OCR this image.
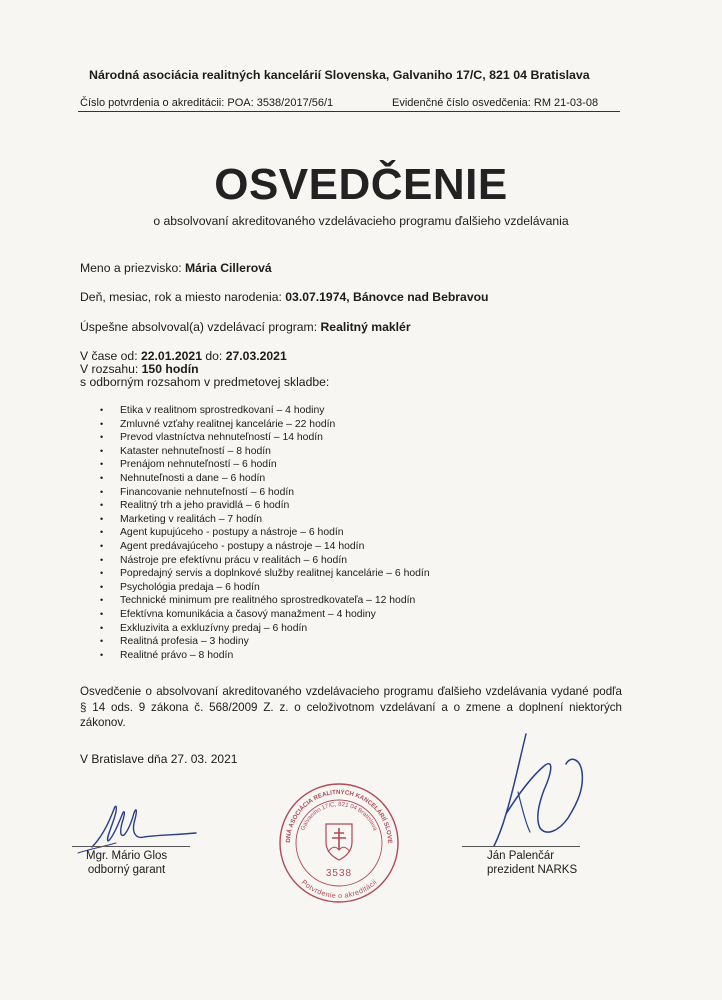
Národná asociácia realitných kancelárií Slovenska, Galvaniho 17/C, 821 04 Bratislava
Číslo potvrdenia o akreditácii: POA: 3538/2017/56/1	Evidenčné číslo osvedčenia: RM 21-03-08
OSVEDČENIE
o absolvovaní akreditovaného vzdelávacieho programu ďalšieho vzdelávania
Meno a priezvisko: Mária Cillerová
Deň, mesiac, rok a miesto narodenia: 03.07.1974, Bánovce nad Bebravou
Úspešne absolvoval(a) vzdelávací program: Realitný maklér
V čase od: 22.01.2021 do: 27.03.2021
V rozsahu: 150 hodín
s odborným rozsahom v predmetovej skladbe:
• Etika v realitnom sprostredkovaní – 4 hodiny
• Zmluvné vzťahy realitnej kancelárie – 22 hodín
• Prevod vlastníctva nehnuteľností – 14 hodín
• Kataster nehnuteľností – 8 hodín
• Prenájom nehnuteľností – 6 hodín
• Nehnuteľnosti a dane – 6 hodín
• Financovanie nehnuteľností – 6 hodín
• Realitný trh a jeho pravidlá – 6 hodín
• Marketing v realitách – 7 hodín
• Agent kupujúceho - postupy a nástroje – 6 hodín
• Agent predávajúceho - postupy a nástroje – 14 hodín
• Nástroje pre efektívnu prácu v realitách – 6 hodín
• Popredajný servis a doplnkové služby realitnej kancelárie – 6 hodín
• Psychológia predaja – 6 hodín
• Technické minimum pre realitného sprostredkovateľa – 12 hodín
• Efektívna komunikácia a časový manažment – 4 hodiny
• Exkluzivita a exkluzívny predaj – 6 hodín
• Realitná profesia – 3 hodiny
• Realitné právo – 8 hodín
Osvedčenie o absolvovaní akreditovaného vzdelávacieho programu ďalšieho vzdelávania vydané podľa § 14 ods. 9 zákona č. 568/2009 Z. z. o celoživotnom vzdelávaní a o zmene a doplnení niektorých zákonov.
V Bratislave dňa 27. 03. 2021
Mgr. Mário Glos
odborný garant
Ján Palenčár
prezident NARKS
NÁRODNÁ ASOCIÁCIA REALITNÝCH KANCELÁRIÍ SLOVENSKA
Galvaniho 17/C, 821 04 Bratislava
Potvrdenie o akreditácii
3538
